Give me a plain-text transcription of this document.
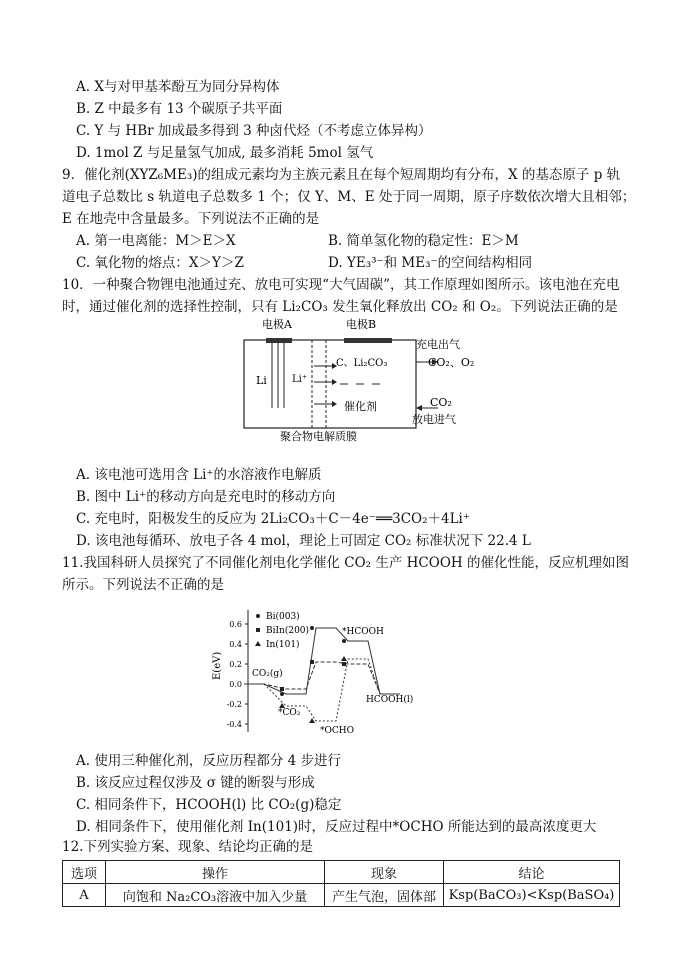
A. X与对甲基苯酚互为同分异构体
B. Z 中最多有 13 个碳原子共平面
C. Y 与 HBr 加成最多得到 3 种卤代烃（不考虑立体异构）
D. 1mol Z 与足量氢气加成, 最多消耗 5mol 氢气
9．催化剂(XYZ₆ME₃)的组成元素均为主族元素且在每个短周期均有分布，X 的基态原子 p 轨
道电子总数比 s 轨道电子总数多 1 个；仅 Y、M、E 处于同一周期，原子序数依次增大且相邻；
E 在地壳中含量最多。下列说法不正确的是
A. 第一电离能：M＞E＞X	B. 简单氢化物的稳定性：E＞M
C. 氧化物的熔点：X＞Y＞Z	D. YE₃³⁻和 ME₃⁻的空间结构相同
10．一种聚合物锂电池通过充、放电可实现“大气固碳”，其工作原理如图所示。该电池在充电
时，通过催化剂的选择性控制，只有 Li₂CO₃ 发生氧化释放出 CO₂ 和 O₂。下列说法正确的是
电极A
Li	Li⁺
电极B
C、Li₂CO₃
催化剂
充电出气
CO₂、O₂
CO₂
放电进气
聚合物电解质膜
A. 该电池可选用含 Li⁺的水溶液作电解质
B. 图中 Li⁺的移动方向是充电时的移动方向
C. 充电时，阳极发生的反应为 2Li₂CO₃＋C－4e⁻══3CO₂＋4Li⁺
D. 该电池每循环、放电子各 4 mol，理论上可固定 CO₂ 标准状况下 22.4 L
11.我国科研人员探究了不同催化剂电化学催化 CO₂ 生产 HCOOH 的催化性能，反应机理如图
所示。下列说法不正确的是
E(eV)
0.6
0.4
0.2
0.0
-0.2
-0.4
Bi(003)
BiIn(200)
In(101)
CO₂(g)
*CO₂
*OCHO
*HCOOH
HCOOH(l)
A. 使用三种催化剂，反应历程都分 4 步进行
B. 该反应过程仅涉及 σ 键的断裂与形成
C. 相同条件下，HCOOH(l) 比 CO₂(g)稳定
D. 相同条件下，使用催化剂 In(101)时，反应过程中*OCHO 所能达到的最高浓度更大
12.下列实验方案、现象、结论均正确的是
选项	操作	现象	结论
A	向饱和 Na₂CO₃溶液中加入少量	产生气泡，固体部	Ksp(BaCO₃)<Ksp(BaSO₄)
